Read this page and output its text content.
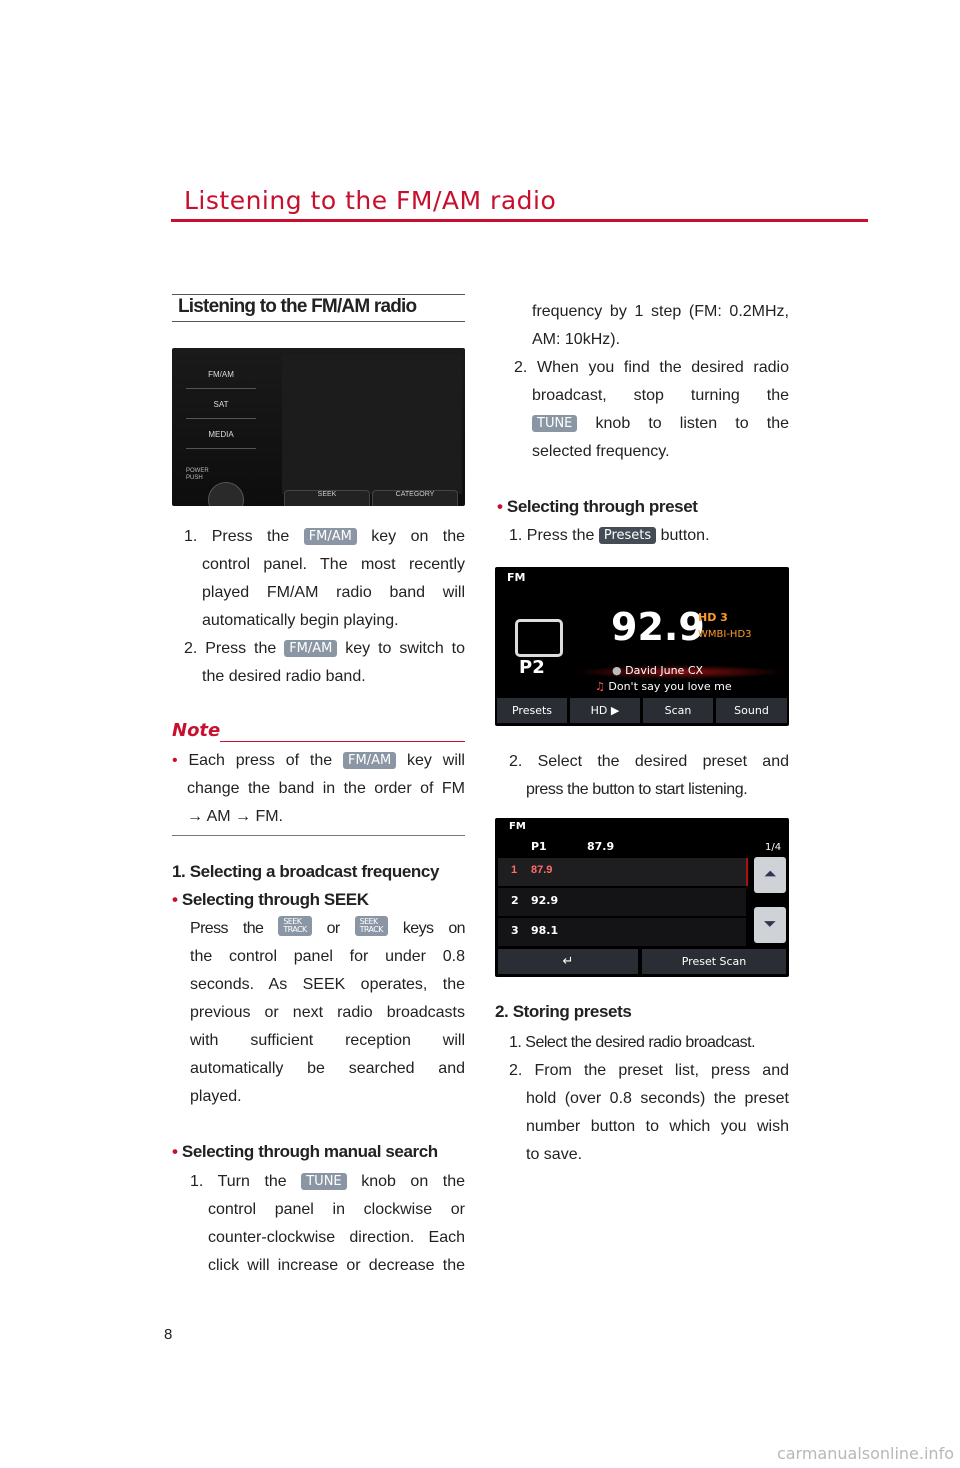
Listening to the FM/AM radio
Listening to the FM/AM radio
FM/AM
SAT
MEDIA
POWER
PUSH
SEEK	CATEGORY
1. Press the FM/AM key on the
control panel. The most recently
played FM/AM radio band will
automatically begin playing.
2. Press the FM/AM key to switch to
the desired radio band.
Note
• Each press of the FM/AM key will
change the band in the order of FM
→ AM → FM.
1. Selecting a broadcast frequency
• Selecting through SEEK
Press the SEEK
TRACK or SEEK
TRACK keys on
the control panel for under 0.8
seconds. As SEEK operates, the
previous or next radio broadcasts
with sufficient reception will
automatically be searched and
played.
• Selecting through manual search
1. Turn the TUNE knob on the
control panel in clockwise or
counter-clockwise direction. Each
click will increase or decrease the
frequency by 1 step (FM: 0.2MHz,
AM: 10kHz).
2. When you find the desired radio
broadcast, stop turning the
TUNE knob to listen to the
selected frequency.
• Selecting through preset
1. Press the Presets button.
FM
P2
92.9
HD 3
WMBI-HD3
● David June CX
♫ Don't say you love me
Presets	HD ▶	Scan	Sound
2. Select the desired preset and
press the button to start listening.
FM
P1	87.9	1/4
1 87.9
2 92.9
3 98.1
⏶
⏷
↵	Preset Scan
2. Storing presets
1. Select the desired radio broadcast.
2. From the preset list, press and
hold (over 0.8 seconds) the preset
number button to which you wish
to save.
8
carmanualsonline.info
